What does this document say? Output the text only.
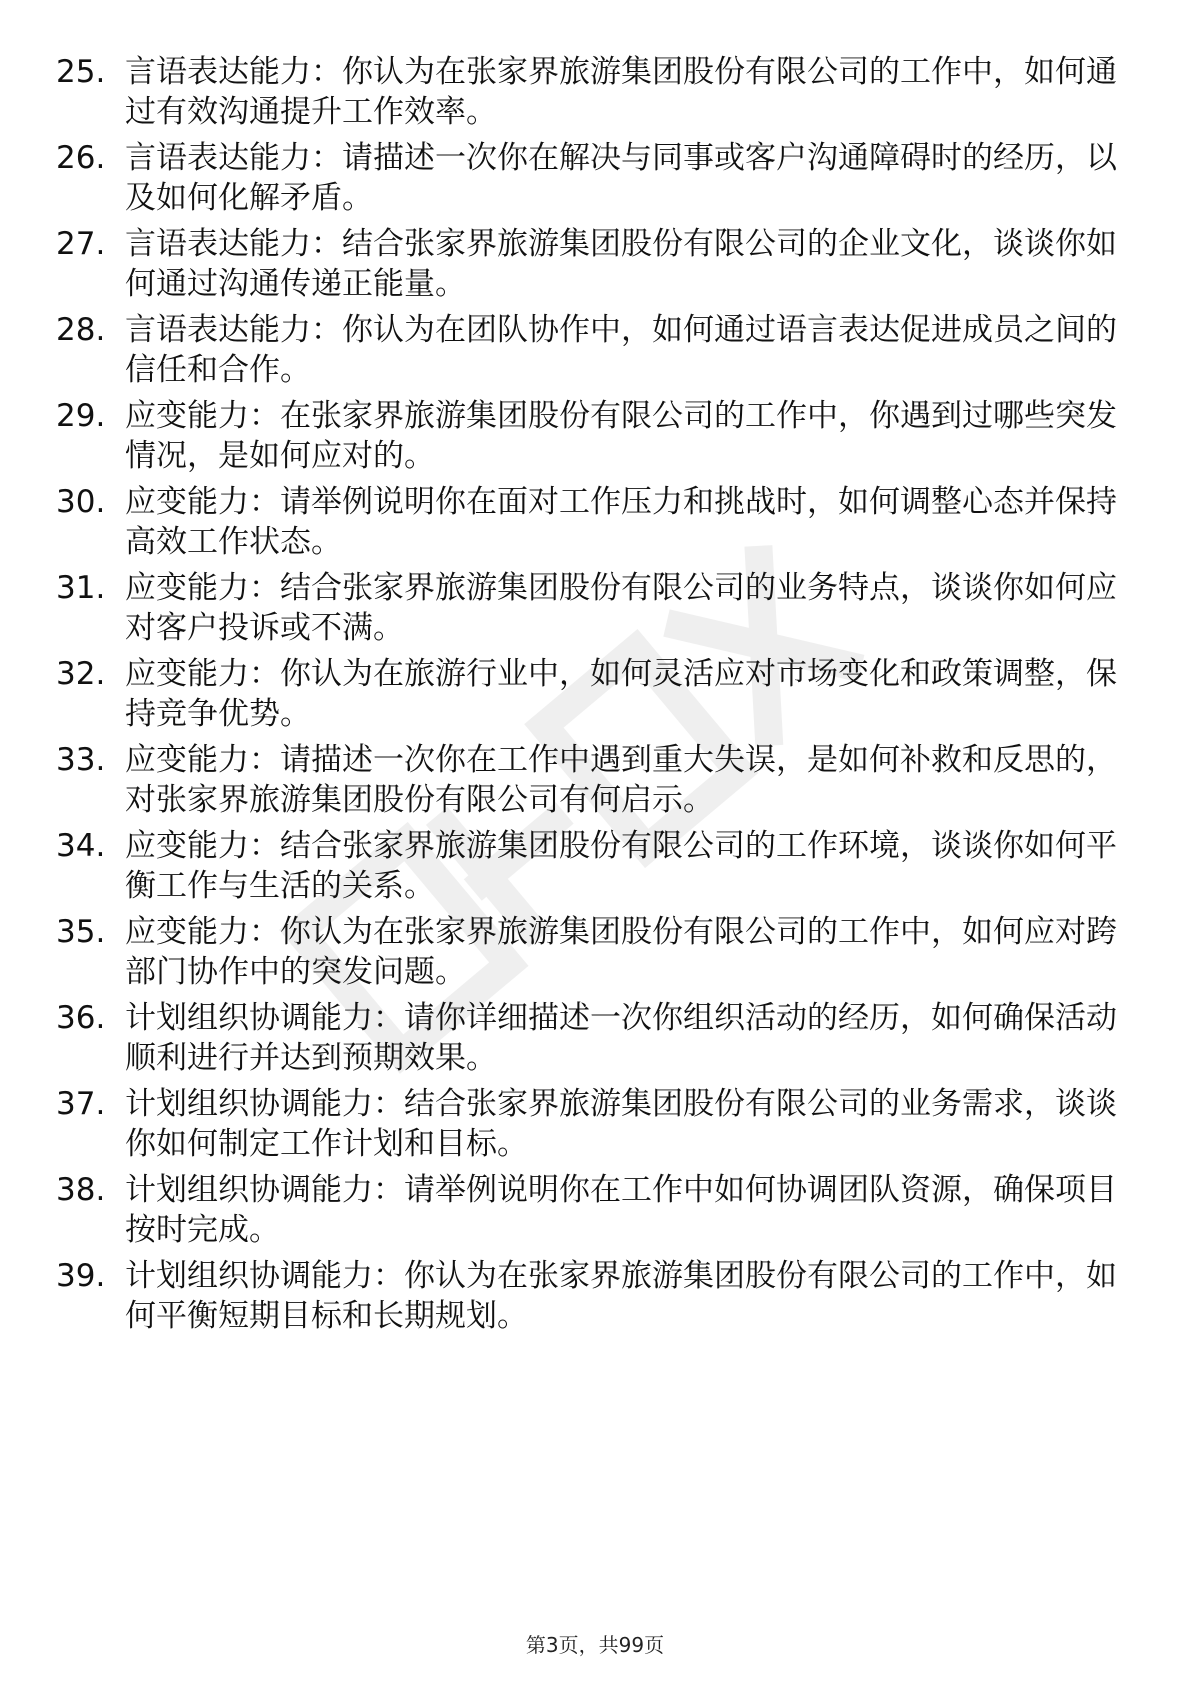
25. 言语表达能力：你认为在张家界旅游集团股份有限公司的工作中，如何通过有效沟通提升工作效率。
26. 言语表达能力：请描述一次你在解决与同事或客户沟通障碍时的经历，以及如何化解矛盾。
27. 言语表达能力：结合张家界旅游集团股份有限公司的企业文化，谈谈你如何通过沟通传递正能量。
28. 言语表达能力：你认为在团队协作中，如何通过语言表达促进成员之间的信任和合作。
29. 应变能力：在张家界旅游集团股份有限公司的工作中，你遇到过哪些突发情况，是如何应对的。
30. 应变能力：请举例说明你在面对工作压力和挑战时，如何调整心态并保持高效工作状态。
31. 应变能力：结合张家界旅游集团股份有限公司的业务特点，谈谈你如何应对客户投诉或不满。
32. 应变能力：你认为在旅游行业中，如何灵活应对市场变化和政策调整，保持竞争优势。
33. 应变能力：请描述一次你在工作中遇到重大失误，是如何补救和反思的，对张家界旅游集团股份有限公司有何启示。
34. 应变能力：结合张家界旅游集团股份有限公司的工作环境，谈谈你如何平衡工作与生活的关系。
35. 应变能力：你认为在张家界旅游集团股份有限公司的工作中，如何应对跨部门协作中的突发问题。
36. 计划组织协调能力：请你详细描述一次你组织活动的经历，如何确保活动顺利进行并达到预期效果。
37. 计划组织协调能力：结合张家界旅游集团股份有限公司的业务需求，谈谈你如何制定工作计划和目标。
38. 计划组织协调能力：请举例说明你在工作中如何协调团队资源，确保项目按时完成。
39. 计划组织协调能力：你认为在张家界旅游集团股份有限公司的工作中，如何平衡短期目标和长期规划。
第3页，共99页
